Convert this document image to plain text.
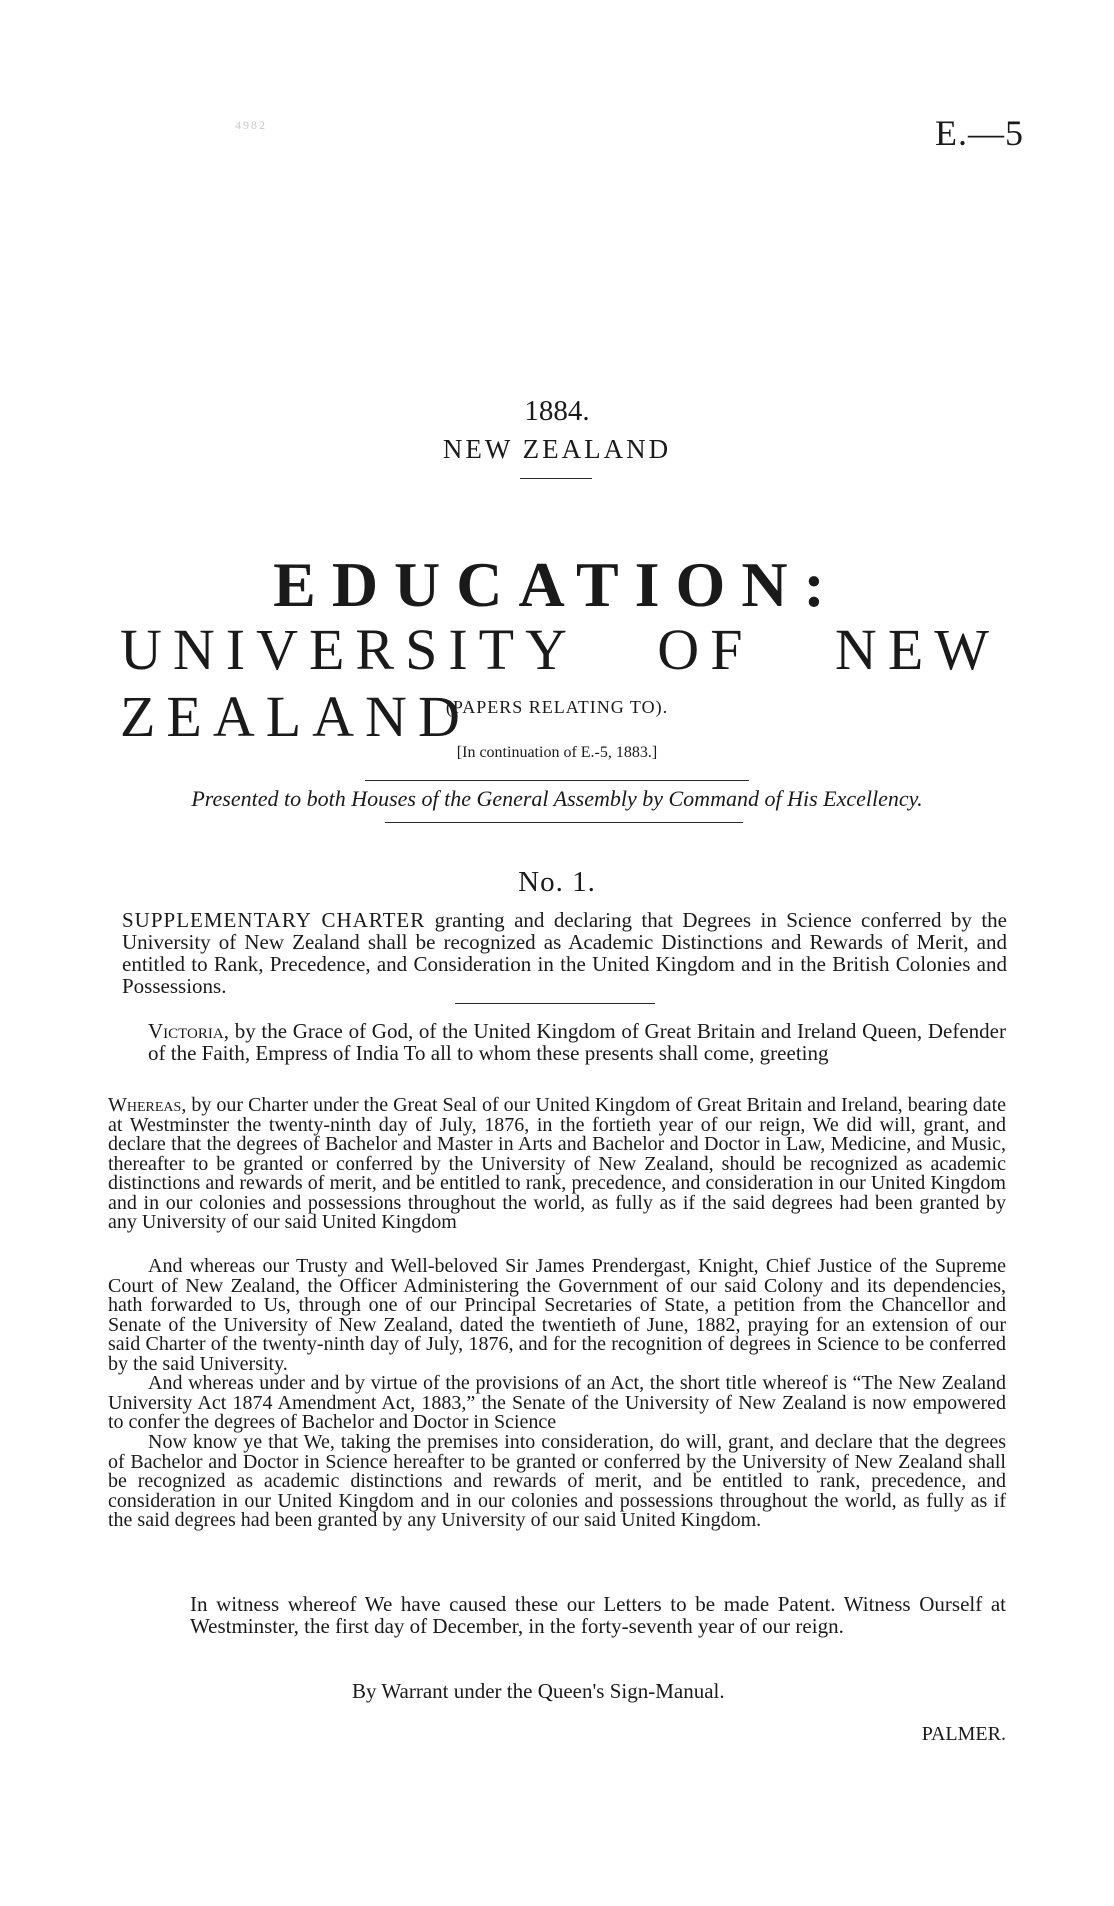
4982	E.—5
1884.
NEW ZEALAND
EDUCATION:
UNIVERSITY OF NEW ZEALAND
(PAPERS RELATING TO).
[In continuation of E.-5, 1883.]
Presented to both Houses of the General Assembly by Command of His Excellency.
No. 1.
SUPPLEMENTARY CHARTER granting and declaring that Degrees in Science conferred by the University of New Zealand shall be recognized as Academic Distinctions and Rewards of Merit, and entitled to Rank, Precedence, and Consideration in the United Kingdom and in the British Colonies and Possessions.
Victoria, by the Grace of God, of the United Kingdom of Great Britain and Ireland Queen, Defender of the Faith, Empress of India To all to whom these presents shall come, greeting
Whereas, by our Charter under the Great Seal of our United Kingdom of Great Britain and Ireland, bearing date at Westminster the twenty-ninth day of July, 1876, in the fortieth year of our reign, We did will, grant, and declare that the degrees of Bachelor and Master in Arts and Bachelor and Doctor in Law, Medicine, and Music, thereafter to be granted or conferred by the University of New Zealand, should be recognized as academic distinctions and rewards of merit, and be entitled to rank, precedence, and consideration in our United Kingdom and in our colonies and possessions throughout the world, as fully as if the said degrees had been granted by any University of our said United Kingdom
And whereas our Trusty and Well-beloved Sir James Prendergast, Knight, Chief Justice of the Supreme Court of New Zealand, the Officer Administering the Government of our said Colony and its dependencies, hath forwarded to Us, through one of our Principal Secretaries of State, a petition from the Chancellor and Senate of the University of New Zealand, dated the twentieth of June, 1882, praying for an extension of our said Charter of the twenty-ninth day of July, 1876, and for the recognition of degrees in Science to be conferred by the said University.
And whereas under and by virtue of the provisions of an Act, the short title whereof is “The New Zealand University Act 1874 Amendment Act, 1883,” the Senate of the University of New Zealand is now empowered to confer the degrees of Bachelor and Doctor in Science
Now know ye that We, taking the premises into consideration, do will, grant, and declare that the degrees of Bachelor and Doctor in Science hereafter to be granted or conferred by the University of New Zealand shall be recognized as academic distinctions and rewards of merit, and be entitled to rank, precedence, and consideration in our United Kingdom and in our colonies and possessions throughout the world, as fully as if the said degrees had been granted by any University of our said United Kingdom.
In witness whereof We have caused these our Letters to be made Patent. Witness Ourself at Westminster, the first day of December, in the forty-seventh year of our reign.
By Warrant under the Queen's Sign-Manual.
PALMER.
